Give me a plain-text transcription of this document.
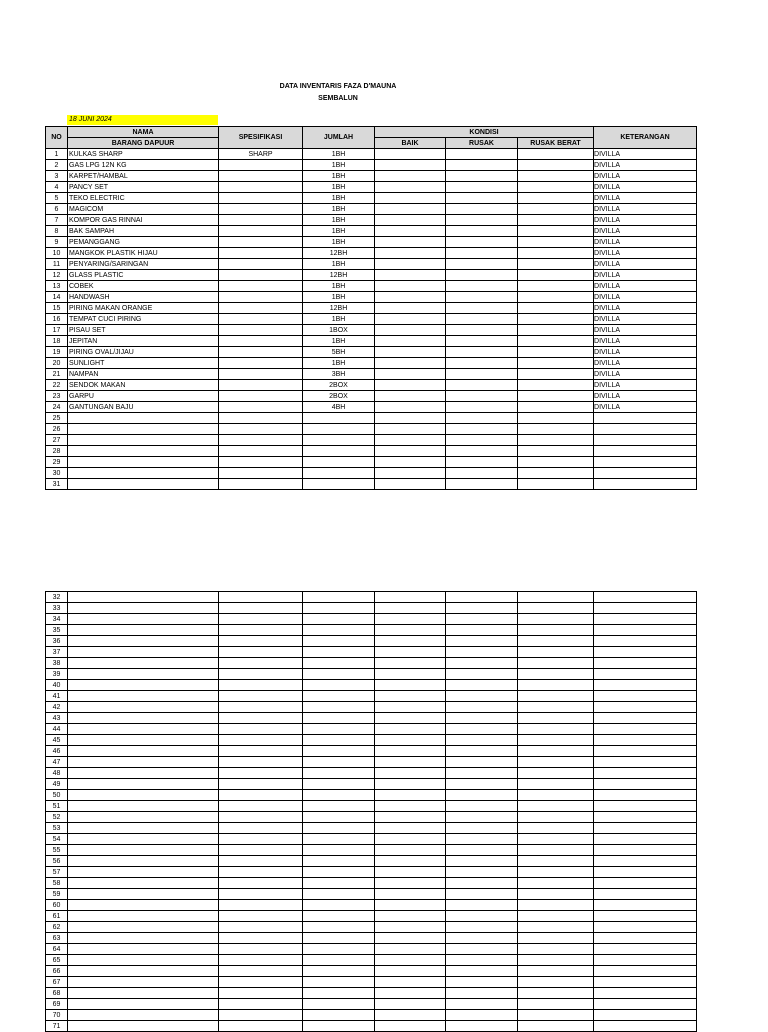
DATA INVENTARIS FAZA D'MAUNA
SEMBALUN
18 JUNI 2024
NO	NAMA	SPESIFIKASI	JUMLAH	KONDISI			KETERANGAN
	BARANG DAPUUR			BAIK	RUSAK	RUSAK BERAT	
1	KULKAS SHARP	SHARP	1BH				DIVILLA
2	GAS LPG 12N KG		1BH				DIVILLA
3	KARPET/HAMBAL		1BH				DIVILLA
4	PANCY SET		1BH				DIVILLA
5	TEKO ELECTRIC		1BH				DIVILLA
6	MAGICOM		1BH				DIVILLA
7	KOMPOR GAS RINNAI		1BH				DIVILLA
8	BAK SAMPAH		1BH				DIVILLA
9	PEMANGGANG		1BH				DIVILLA
10	MANGKOK PLASTIK HIJAU		12BH				DIVILLA
11	PENYARING/SARINGAN		1BH				DIVILLA
12	GLASS PLASTIC		12BH				DIVILLA
13	COBEK		1BH				DIVILLA
14	HANDWASH		1BH				DIVILLA
15	PIRING MAKAN ORANGE		12BH				DIVILLA
16	TEMPAT CUCI PIRING		1BH				DIVILLA
17	PISAU SET		1BOX				DIVILLA
18	JEPITAN		1BH				DIVILLA
19	PIRING OVAL/JIJAU		5BH				DIVILLA
20	SUNLIGHT		1BH				DIVILLA
21	NAMPAN		3BH				DIVILLA
22	SENDOK MAKAN		2BOX				DIVILLA
23	GARPU		2BOX				DIVILLA
24	GANTUNGAN BAJU		4BH				DIVILLA
25							
26							
27							
28							
29							
30							
31							
32							
33							
34							
35							
36							
37							
38							
39							
40							
41							
42							
43							
44							
45							
46							
47							
48							
49							
50							
51							
52							
53							
54							
55							
56							
57							
58							
59							
60							
61							
62							
63							
64							
65							
66							
67							
68							
69							
70							
71							
